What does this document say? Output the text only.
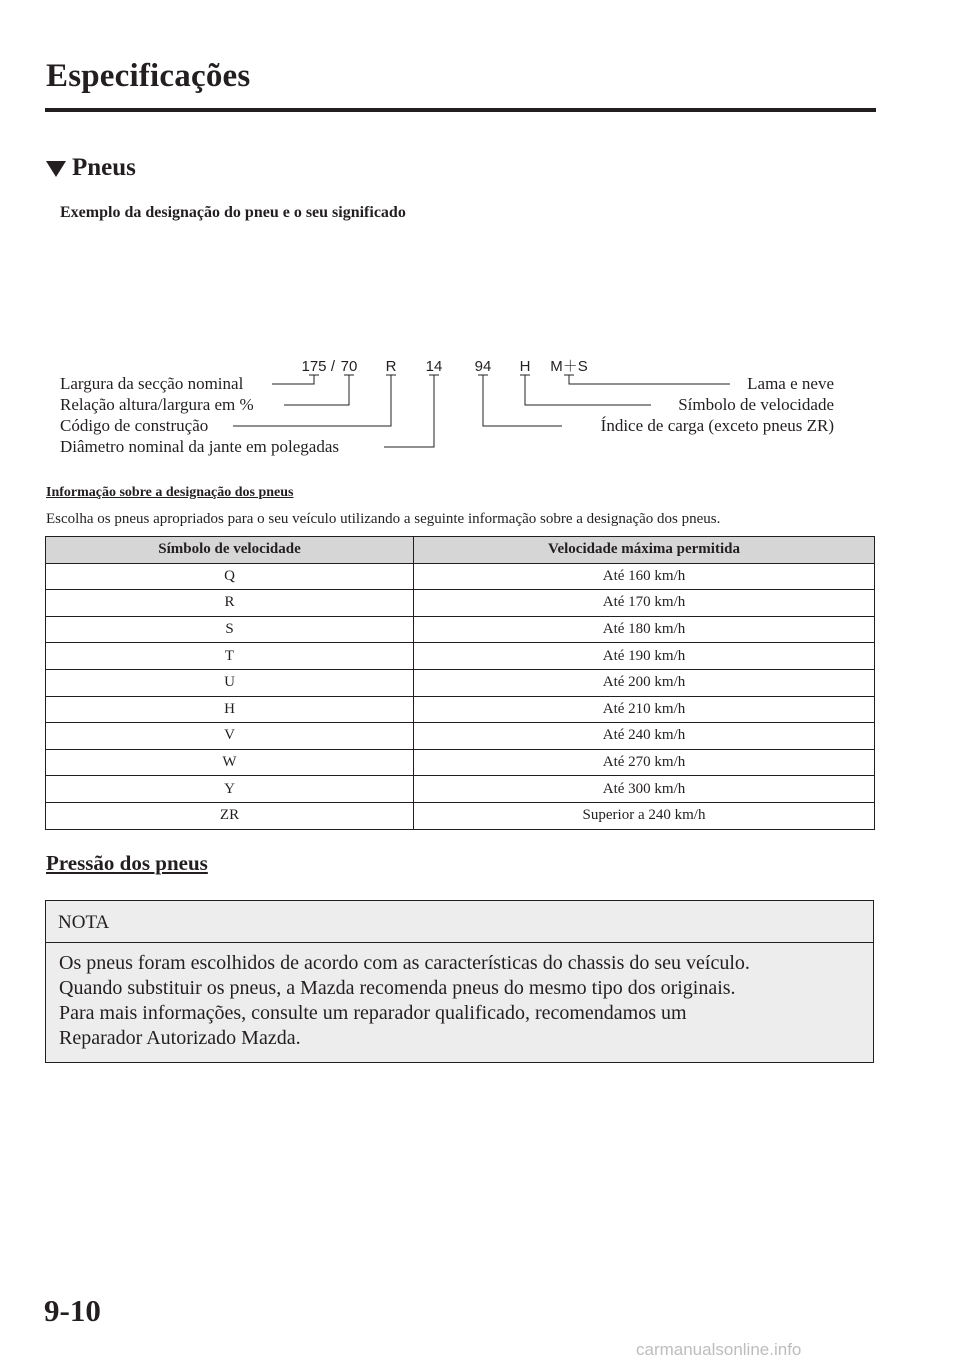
Especificações
Pneus
Exemplo da designação do pneu e o seu significado
175 / 70 R 14 94 H M＋S
Largura da secção nominal
Relação altura/largura em %
Código de construção
Diâmetro nominal da jante em polegadas
Lama e neve
Símbolo de velocidade
Índice de carga (exceto pneus ZR)
Informação sobre a designação dos pneus
Escolha os pneus apropriados para o seu veículo utilizando a seguinte informação sobre a designação dos pneus.
Símbolo de velocidade	Velocidade máxima permitida
Q	Até 160 km/h
R	Até 170 km/h
S	Até 180 km/h
T	Até 190 km/h
U	Até 200 km/h
H	Até 210 km/h
V	Até 240 km/h
W	Até 270 km/h
Y	Até 300 km/h
ZR	Superior a 240 km/h
Pressão dos pneus
NOTA
Os pneus foram escolhidos de acordo com as características do chassis do seu veículo.
Quando substituir os pneus, a Mazda recomenda pneus do mesmo tipo dos originais.
Para mais informações, consulte um reparador qualificado, recomendamos um
Reparador Autorizado Mazda.
9-10
carmanualsonline.info
